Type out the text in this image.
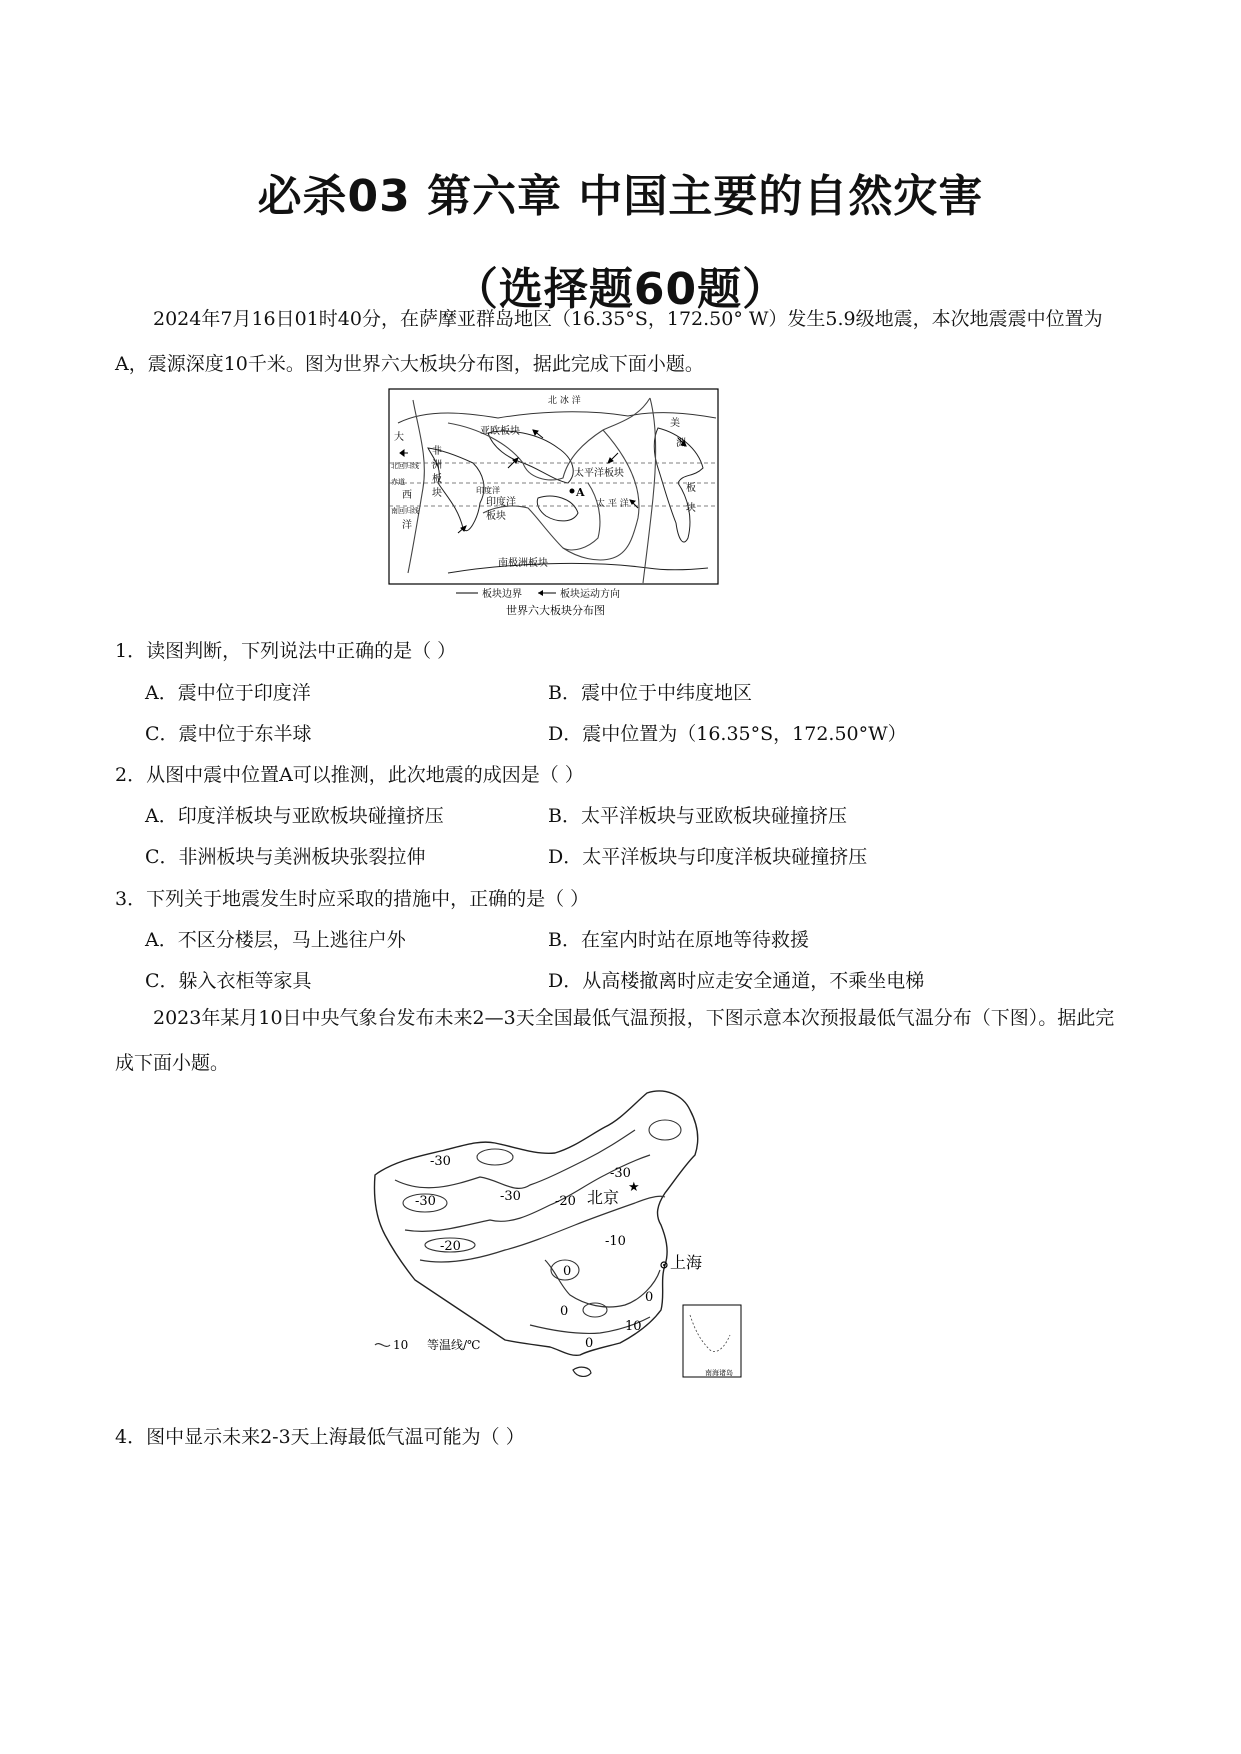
必杀03 第六章 中国主要的自然灾害
（选择题60题）
2024年7月16日01时40分，在萨摩亚群岛地区（16.35°S，172.50° W）发生5.9级地震，本次地震震中位置为A，震源深度10千米。图为世界六大板块分布图，据此完成下面小题。
北 冰 洋
亚欧板块
美
洲
板
块
大
西
洋
非
洲
板
块
北回归线
赤道
南回归线
印度洋
印度洋
板块
太平洋板块
太 平 洋
A
南极洲板块
板块边界	板块运动方向
世界六大板块分布图
1．读图判断，下列说法中正确的是（ ）
A．震中位于印度洋	B．震中位于中纬度地区
C．震中位于东半球	D．震中位置为（16.35°S，172.50°W）
2．从图中震中位置A可以推测，此次地震的成因是（ ）
A．印度洋板块与亚欧板块碰撞挤压	B．太平洋板块与亚欧板块碰撞挤压
C．非洲板块与美洲板块张裂拉伸	D．太平洋板块与印度洋板块碰撞挤压
3．下列关于地震发生时应采取的措施中，正确的是（ ）
A．不区分楼层，马上逃往户外	B．在室内时站在原地等待救援
C．躲入衣柜等家具	D．从高楼撤离时应走安全通道，不乘坐电梯
2023年某月10日中央气象台发布未来2—3天全国最低气温预报，下图示意本次预报最低气温分布（下图）。据此完成下面小题。
★
-30
-30	-30
-30
-20
-20
-10
10
0
0
0
0
北京
上海
10 等温线/℃
南海诸岛
4．图中显示未来2-3天上海最低气温可能为（ ）
